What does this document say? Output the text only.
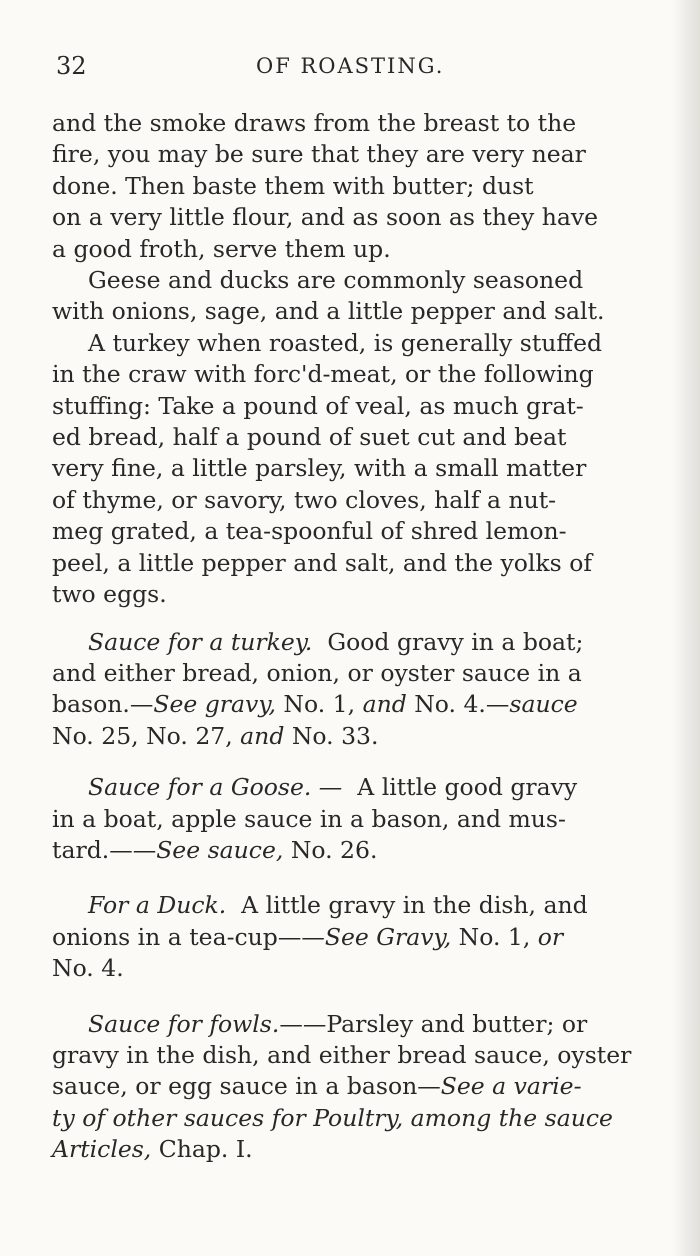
32	OF ROASTING.

and the smoke draws from the breast to the
fire, you may be sure that they are very near
done. Then baste them with butter; dust
on a very little flour, and as soon as they have
a good froth, serve them up.

Geese and ducks are commonly seasoned
with onions, sage, and a little pepper and salt.

A turkey when roasted, is generally stuffed
in the craw with forc'd-meat, or the following
stuffing: Take a pound of veal, as much grat-
ed bread, half a pound of suet cut and beat
very fine, a little parsley, with a small matter
of thyme, or savory, two cloves, half a nut-
meg grated, a tea-spoonful of shred lemon-
peel, a little pepper and salt, and the yolks of
two eggs.

Sauce for a turkey. Good gravy in a boat;
and either bread, onion, or oyster sauce in a
bason.—See gravy, No. 1, and No. 4.—sauce
No. 25, No. 27, and No. 33.

Sauce for a Goose. — A little good gravy
in a boat, apple sauce in a bason, and mus-
tard.——See sauce, No. 26.

For a Duck. A little gravy in the dish, and
onions in a tea-cup——See Gravy, No. 1, or
No. 4.

Sauce for fowls.——Parsley and butter; or
gravy in the dish, and either bread sauce, oyster
sauce, or egg sauce in a bason—See a varie-
ty of other sauces for Poultry, among the sauce
Articles, Chap. I.
